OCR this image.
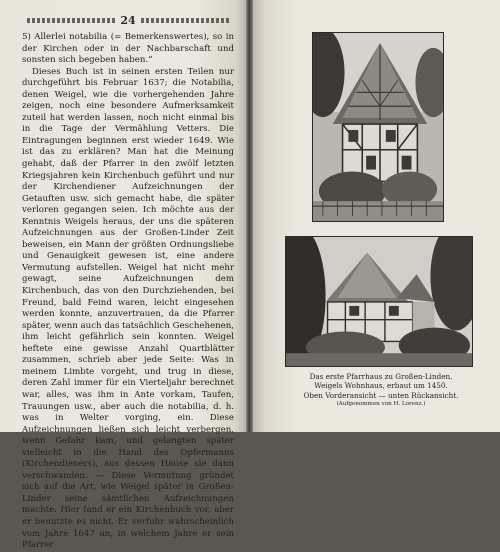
24

5) Allerlei notabilia (= Bemerkenswertes), so in der Kirchen oder in der Nachbarschaft und sonsten sich begeben haben.“

Dieses Buch ist in seinen ersten Teilen nur durchgeführt bis Februar 1637; die Notabilia, denen Weigel, wie die vorhergehenden Jahre zeigen, noch eine besondere Aufmerksamkeit zuteil hat werden lassen, noch nicht einmal bis in die Tage der Vermählung Vetters. Die Eintragungen beginnen erst wieder 1649. Wie ist das zu erklären? Man hat die Meinung gehabt, daß der Pfarrer in den zwölf letzten Kriegsjahren kein Kirchenbuch geführt und nur der Kirchendiener Aufzeichnungen der Getauften usw. sich gemacht habe, die später verloren gegangen seien. Ich möchte aus der Kenntnis Weigels heraus, der uns die späteren Aufzeichnungen aus der Großen-Linder Zeit beweisen, ein Mann der größten Ordnungsliebe und Genauigkeit gewesen ist, eine andere Vermutung aufstellen. Weigel hat nicht mehr gewagt, seine Aufzeichnungen dem Kirchenbuch, das von den Durchziehenden, bei Freund, bald Feind waren, leicht eingesehen werden konnte, anzuvertrauen, da die Pfarrer später, wenn auch das tatsächlich Geschehenen, ihm leicht gefährlich sein konnten. Weigel heftete eine gewisse Anzahl Quartblätter zusammen, schrieb aber jede Seite: Was in meinem Limbte vorgeht, und trug in diese, deren Zahl immer für ein Vierteljahr berechnet war, alles, was ihm in Ante vorkam, Taufen, Trauungen usw., aber auch die notabilia, d. h. was in Welter vorging, ein. Diese Aufzeichnungen ließen sich leicht verbergen, wenn Gefahr kam, und gelangten später vielleicht in die Hand des Opfermanns (Kirchendieners), aus dessen Hause sie dann verschwanden. — Diese Vermutung gründet sich auf die Art, wie Weigel später in Großen-Linder seine sämtlichen Aufzeichnungen machte. Hier fand er ein Kirchenbuch vor, aber er benutzte es nicht. Er verfuhr wahrscheinlich vom Jahre 1647 an, in welchem Jahre er sein Pfarrer

Das erste Pfarrhaus zu Großen-Linden,
Weigels Wohnhaus, erbaut um 1450.
Oben Vorderansicht — unten Rückansicht.
(Aufgenommen von H. Lorenz.)
